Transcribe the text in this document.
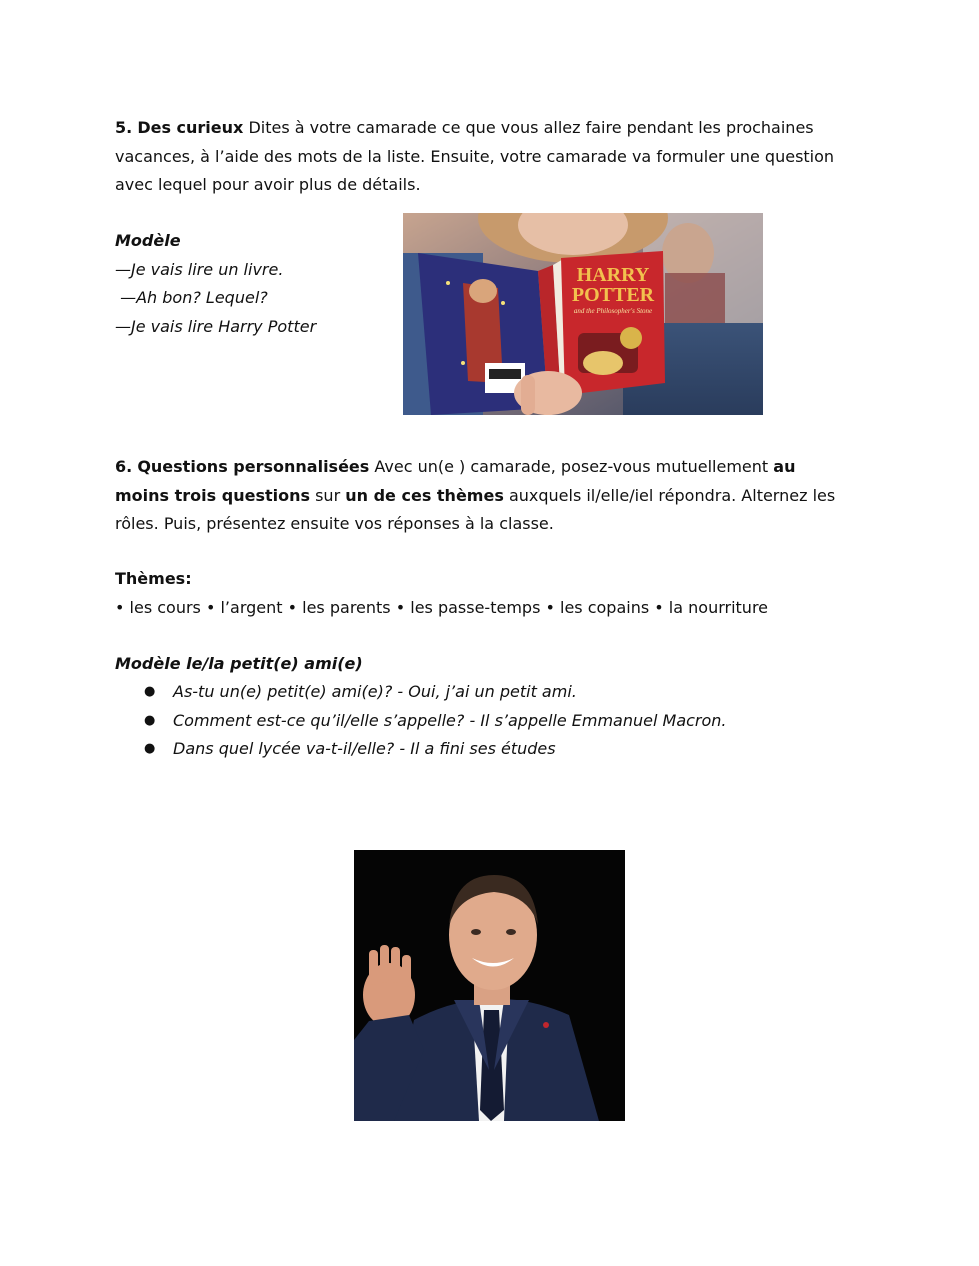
5. Des curieux Dites à votre camarade ce que vous allez faire pendant les prochaines vacances, à l’aide des mots de la liste. Ensuite, votre camarade va formuler une question avec lequel pour avoir plus de détails.

Modèle
—Je vais lire un livre.
—Ah bon? Lequel?
—Je vais lire Harry Potter
HARRY
POTTER
and the Philosopher's Stone

6. Questions personnalisées Avec un(e ) camarade, posez-vous mutuellement au moins trois questions sur un de ces thèmes auxquels il/elle/iel répondra. Alternez les rôles. Puis, présentez ensuite vos réponses à la classe.

Thèmes:
• les cours • l’argent • les parents • les passe-temps • les copains • la nourriture
Modèle le/la petit(e) ami(e)
● As-tu un(e) petit(e) ami(e)? - Oui, j’ai un petit ami.
● Comment est-ce qu’il/elle s’appelle? - Il s’appelle Emmanuel Macron.
● Dans quel lycée va-t-il/elle? - Il a fini ses études
